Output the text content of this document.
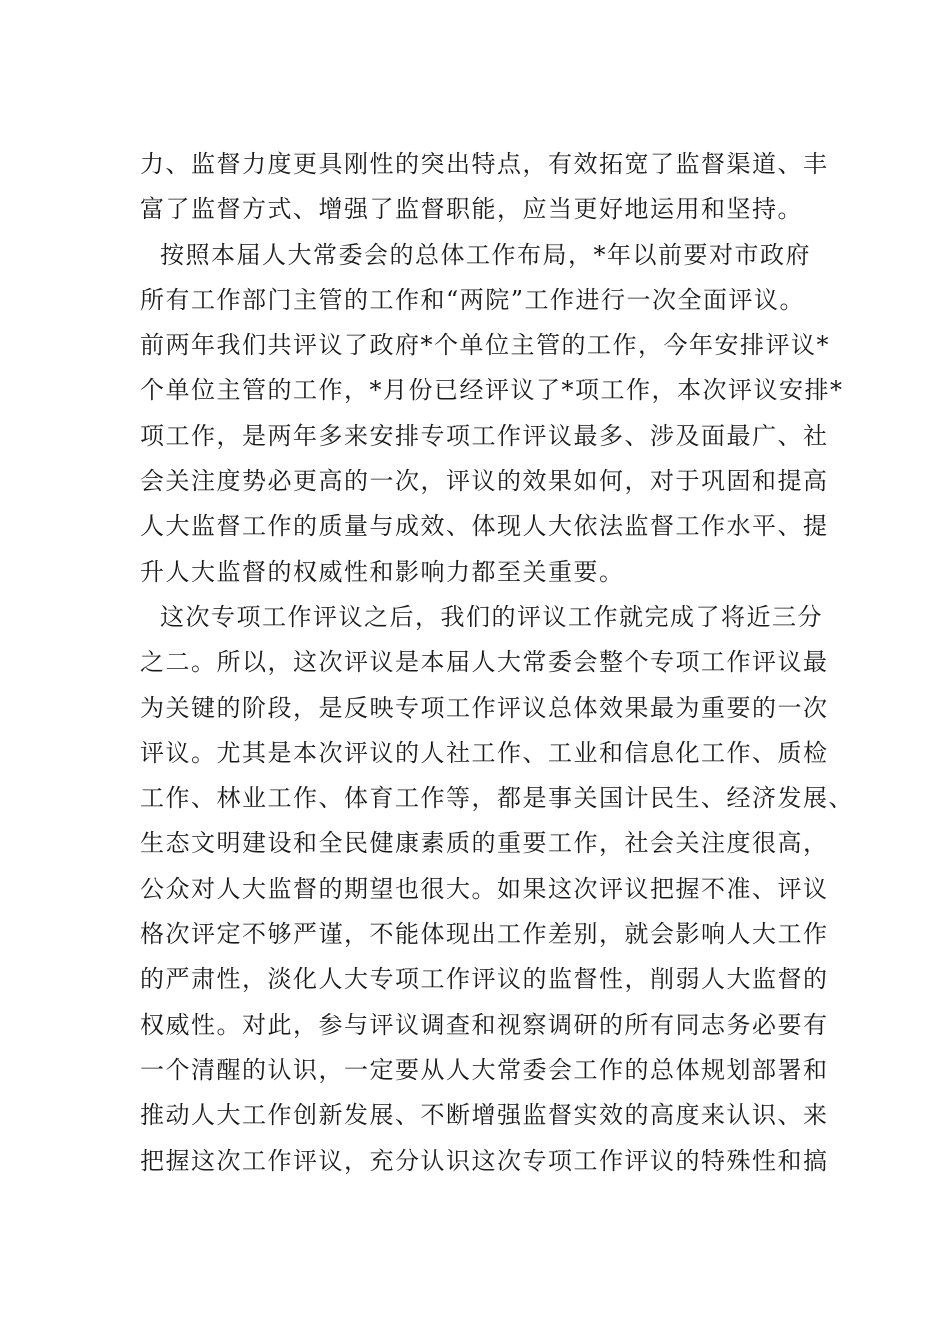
力、监督力度更具刚性的突出特点，有效拓宽了监督渠道、丰
富了监督方式、增强了监督职能，应当更好地运用和坚持。
按照本届人大常委会的总体工作布局，*年以前要对市政府
所有工作部门主管的工作和“两院”工作进行一次全面评议。
前两年我们共评议了政府*个单位主管的工作，今年安排评议*
个单位主管的工作，*月份已经评议了*项工作，本次评议安排*
项工作，是两年多来安排专项工作评议最多、涉及面最广、社
会关注度势必更高的一次，评议的效果如何，对于巩固和提高
人大监督工作的质量与成效、体现人大依法监督工作水平、提
升人大监督的权威性和影响力都至关重要。
这次专项工作评议之后，我们的评议工作就完成了将近三分
之二。所以，这次评议是本届人大常委会整个专项工作评议最
为关键的阶段，是反映专项工作评议总体效果最为重要的一次
评议。尤其是本次评议的人社工作、工业和信息化工作、质检
工作、林业工作、体育工作等，都是事关国计民生、经济发展、
生态文明建设和全民健康素质的重要工作，社会关注度很高，
公众对人大监督的期望也很大。如果这次评议把握不准、评议
格次评定不够严谨，不能体现出工作差别，就会影响人大工作
的严肃性，淡化人大专项工作评议的监督性，削弱人大监督的
权威性。对此，参与评议调查和视察调研的所有同志务必要有
一个清醒的认识，一定要从人大常委会工作的总体规划部署和
推动人大工作创新发展、不断增强监督实效的高度来认识、来
把握这次工作评议，充分认识这次专项工作评议的特殊性和搞
